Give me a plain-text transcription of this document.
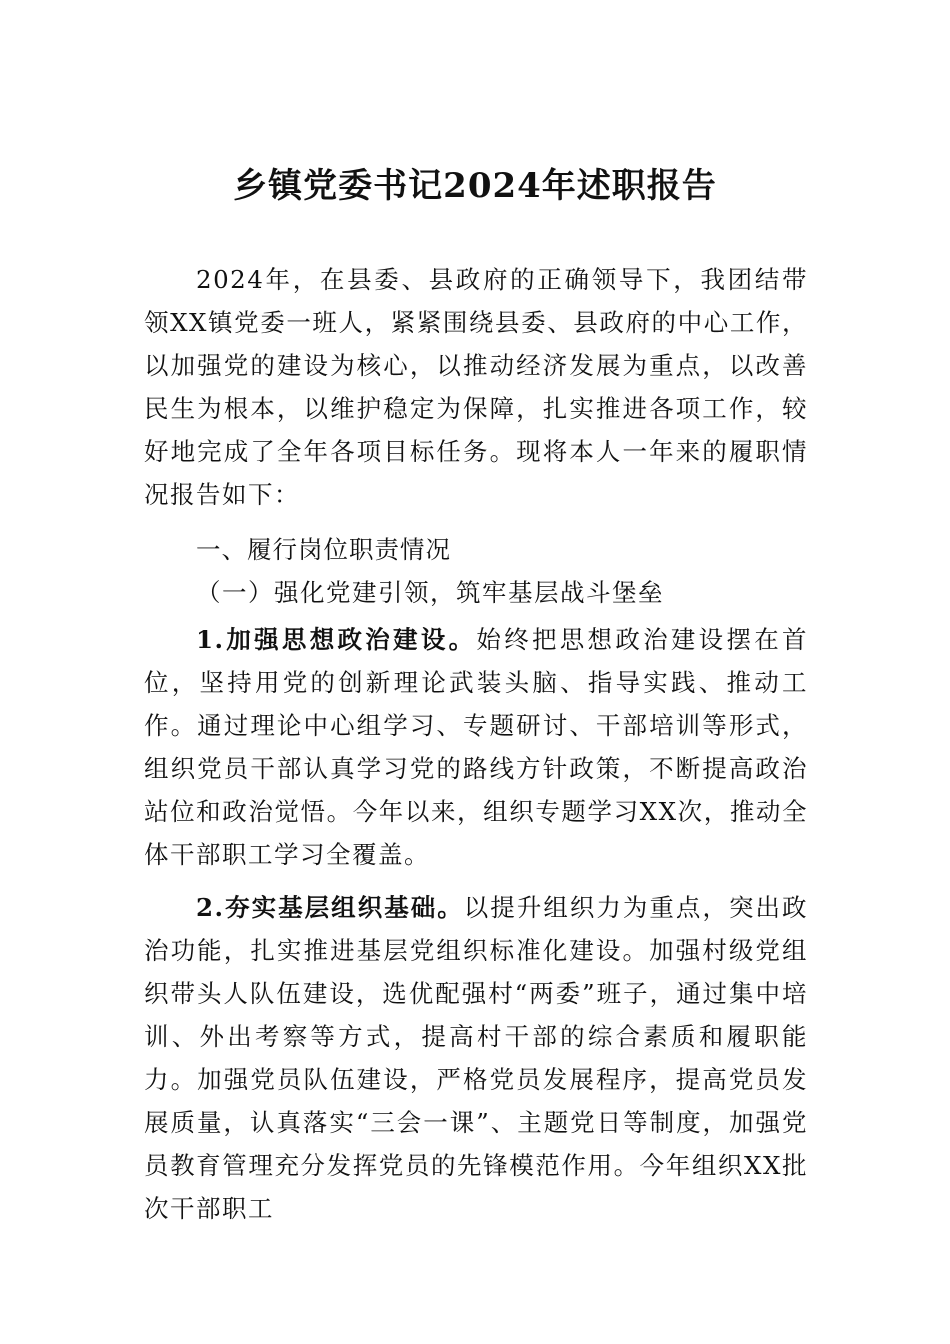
乡镇党委书记2024年述职报告

2024年，在县委、县政府的正确领导下，我团结带领XX镇党委一班人，紧紧围绕县委、县政府的中心工作，以加强党的建设为核心，以推动经济发展为重点，以改善民生为根本，以维护稳定为保障，扎实推进各项工作，较好地完成了全年各项目标任务。现将本人一年来的履职情况报告如下：

一、履行岗位职责情况

（一）强化党建引领，筑牢基层战斗堡垒

1.加强思想政治建设。始终把思想政治建设摆在首位，坚持用党的创新理论武装头脑、指导实践、推动工作。通过理论中心组学习、专题研讨、干部培训等形式，组织党员干部认真学习党的路线方针政策，不断提高政治站位和政治觉悟。今年以来，组织专题学习XX次，推动全体干部职工学习全覆盖。

2.夯实基层组织基础。以提升组织力为重点，突出政治功能，扎实推进基层党组织标准化建设。加强村级党组织带头人队伍建设，选优配强村“两委”班子，通过集中培训、外出考察等方式，提高村干部的综合素质和履职能力。加强党员队伍建设，严格党员发展程序，提高党员发展质量，认真落实“三会一课”、主题党日等制度，加强党员教育管理充分发挥党员的先锋模范作用。今年组织XX批次干部职工
